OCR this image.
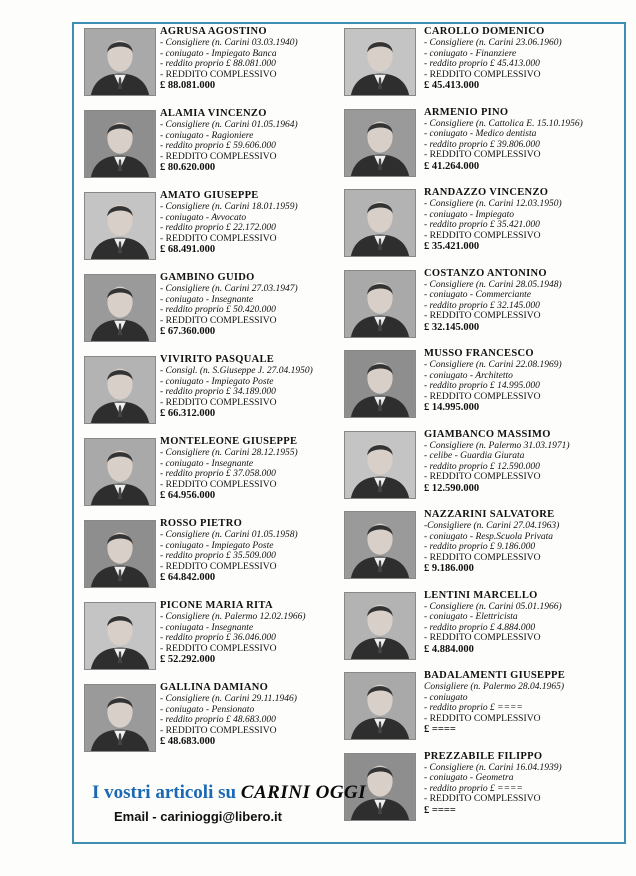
AGRUSA AGOSTINO
- Consigliere (n. Carini 03.03.1940)
- coniugato - Impiegato Banca
- reddito proprio £ 88.081.000
- REDDITO COMPLESSIVO
£ 88.081.000
ALAMIA VINCENZO
- Consigliere (n. Carini 01.05.1964)
- coniugato - Ragioniere
- reddito proprio £ 59.606.000
- REDDITO COMPLESSIVO
£ 80.620.000
AMATO GIUSEPPE
- Consigliere (n. Carini 18.01.1959)
- coniugato - Avvocato
- reddito proprio £ 22.172.000
- REDDITO COMPLESSIVO
£ 68.491.000
GAMBINO GUIDO
- Consigliere (n. Carini 27.03.1947)
- coniugato - Insegnante
- reddito proprio £ 50.420.000
- REDDITO COMPLESSIVO
£ 67.360.000
VIVIRITO PASQUALE
- Consigl. (n. S.Giuseppe J. 27.04.1950)
- coniugato - Impiegato Poste
- reddito proprio £ 34.189.000
- REDDITO COMPLESSIVO
£ 66.312.000
MONTELEONE GIUSEPPE
- Consigliere (n. Carini 28.12.1955)
- coniugato - Insegnante
- reddito proprio £ 37.058.000
- REDDITO COMPLESSIVO
£ 64.956.000
ROSSO PIETRO
- Consigliere (n. Carini 01.05.1958)
- coniugato - Impiegato Poste
- reddito proprio £ 35.509.000
- REDDITO COMPLESSIVO
£ 64.842.000
PICONE MARIA RITA
- Consigliere (n. Palermo 12.02.1966)
- coniugata - Insegnante
- reddito proprio £ 36.046.000
- REDDITO COMPLESSIVO
£ 52.292.000
GALLINA DAMIANO
- Consigliere (n. Carini 29.11.1946)
- coniugato - Pensionato
- reddito proprio £ 48.683.000
- REDDITO COMPLESSIVO
£ 48.683.000
CAROLLO DOMENICO
- Consigliere (n. Carini 23.06.1960)
- coniugato - Finanziere
- reddito proprio £ 45.413.000
- REDDITO COMPLESSIVO
£ 45.413.000
ARMENIO PINO
- Consigliere (n. Cattolica E. 15.10.1956)
- coniugato - Medico dentista
- reddito proprio £ 39.806.000
- REDDITO COMPLESSIVO
£ 41.264.000
RANDAZZO VINCENZO
- Consigliere (n. Carini 12.03.1950)
- coniugato - Impiegato
- reddito proprio £ 35.421.000
- REDDITO COMPLESSIVO
£ 35.421.000
COSTANZO ANTONINO
- Consigliere (n. Carini 28.05.1948)
- coniugato - Commerciante
- reddito proprio £ 32.145.000
- REDDITO COMPLESSIVO
£ 32.145.000
MUSSO FRANCESCO
- Consigliere (n. Carini 22.08.1969)
- coniugato - Architetto
- reddito proprio £ 14.995.000
- REDDITO COMPLESSIVO
£ 14.995.000
GIAMBANCO MASSIMO
- Consigliere (n. Palermo 31.03.1971)
- celibe - Guardia Giurata
- reddito proprio £ 12.590.000
- REDDITO COMPLESSIVO
£ 12.590.000
NAZZARINI SALVATORE
-Consigliere (n. Carini 27.04.1963)
- coniugato - Resp.Scuola Privata
- reddito proprio £ 9.186.000
- REDDITO COMPLESSIVO
£ 9.186.000
LENTINI MARCELLO
- Consigliere (n. Carini 05.01.1966)
- coniugato - Elettricista
- reddito proprio £ 4.884.000
- REDDITO COMPLESSIVO
£ 4.884.000
BADALAMENTI GIUSEPPE
Consigliere (n. Palermo 28.04.1965)
- coniugato
- reddito proprio £ ====
- REDDITO COMPLESSIVO
£ ====
PREZZABILE FILIPPO
- Consigliere (n. Carini 16.04.1939)
- coniugato - Geometra
- reddito proprio £ ====
- REDDITO COMPLESSIVO
£ ====
I vostri articoli su CARINI OGGI
Email - carinioggi@libero.it
